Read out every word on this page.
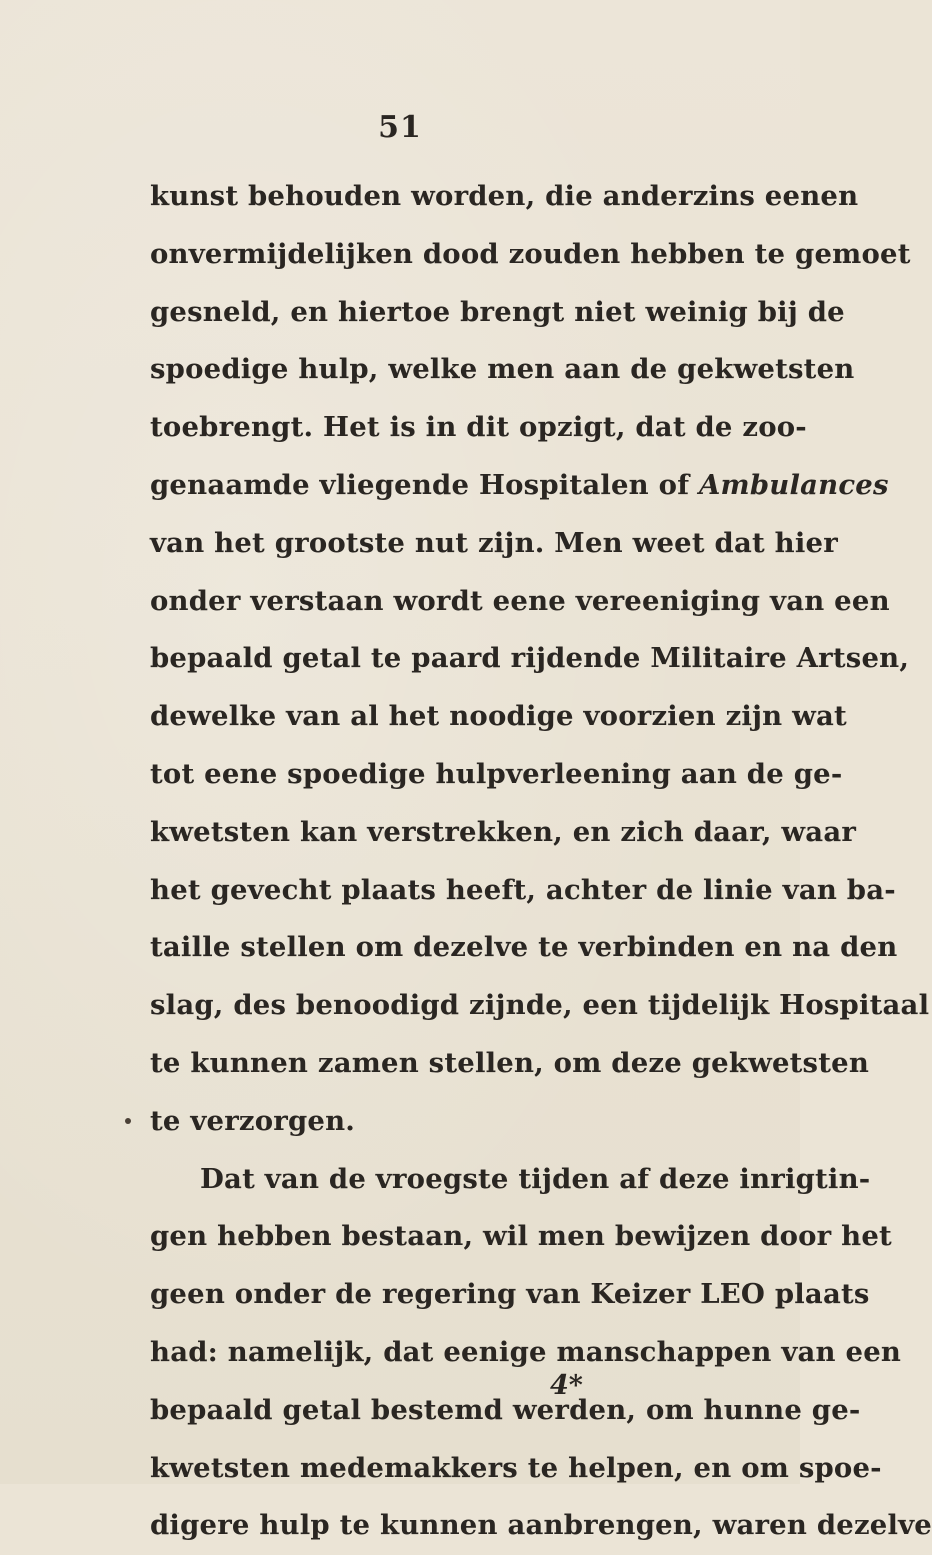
51
kunst behouden worden, die anderzins eenen
onvermijdelijken dood zouden hebben te gemoet
gesneld, en hiertoe brengt niet weinig bij de
spoedige hulp, welke men aan de gekwetsten
toebrengt. Het is in dit opzigt, dat de zoo-
genaamde vliegende Hospitalen of Ambulances
van het grootste nut zijn. Men weet dat hier
onder verstaan wordt eene vereeniging van een
bepaald getal te paard rijdende Militaire Artsen,
dewelke van al het noodige voorzien zijn wat
tot eene spoedige hulpverleening aan de ge-
kwetsten kan verstrekken, en zich daar, waar
het gevecht plaats heeft, achter de linie van ba-
taille stellen om dezelve te verbinden en na den
slag, des benoodigd zijnde, een tijdelijk Hospitaal
te kunnen zamen stellen, om deze gekwetsten
te verzorgen.
Dat van de vroegste tijden af deze inrigtin-
gen hebben bestaan, wil men bewijzen door het
geen onder de regering van Keizer LEO plaats
had: namelijk, dat eenige manschappen van een
bepaald getal bestemd werden, om hunne ge-
kwetsten medemakkers te helpen, en om spoe-
digere hulp te kunnen aanbrengen, waren dezelve
4*
